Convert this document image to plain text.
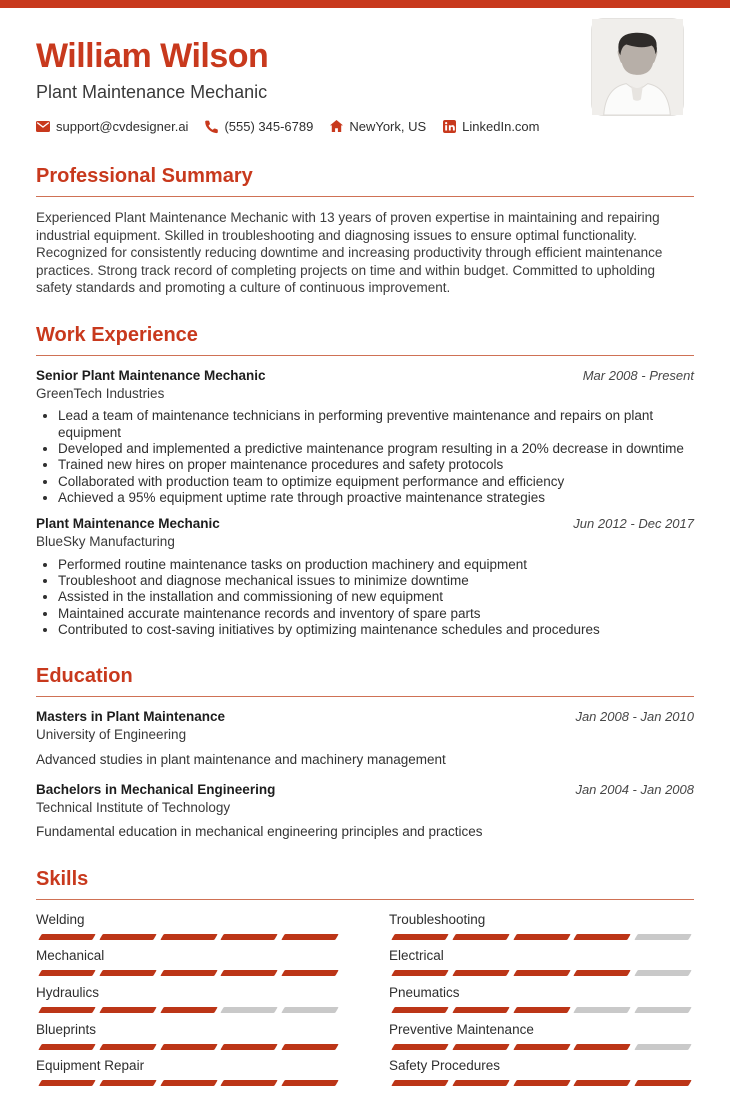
William Wilson
Plant Maintenance Mechanic
support@cvdesigner.ai	(555) 345-6789	NewYork, US	LinkedIn.com
Professional Summary

Experienced Plant Maintenance Mechanic with 13 years of proven expertise in maintaining and repairing industrial equipment. Skilled in troubleshooting and diagnosing issues to ensure optimal functionality. Recognized for consistently reducing downtime and increasing productivity through efficient maintenance practices. Strong track record of completing projects on time and within budget. Committed to upholding safety standards and promoting a culture of continuous improvement.

Work Experience
Senior Plant Maintenance Mechanic	Mar 2008 - Present
GreenTech Industries
• Lead a team of maintenance technicians in performing preventive maintenance and repairs on plant equipment
• Developed and implemented a predictive maintenance program resulting in a 20% decrease in downtime
• Trained new hires on proper maintenance procedures and safety protocols
• Collaborated with production team to optimize equipment performance and efficiency
• Achieved a 95% equipment uptime rate through proactive maintenance strategies
Plant Maintenance Mechanic	Jun 2012 - Dec 2017
BlueSky Manufacturing
• Performed routine maintenance tasks on production machinery and equipment
• Troubleshoot and diagnose mechanical issues to minimize downtime
• Assisted in the installation and commissioning of new equipment
• Maintained accurate maintenance records and inventory of spare parts
• Contributed to cost-saving initiatives by optimizing maintenance schedules and procedures
Education
Masters in Plant Maintenance	Jan 2008 - Jan 2010
University of Engineering
Advanced studies in plant maintenance and machinery management
Bachelors in Mechanical Engineering	Jan 2004 - Jan 2008
Technical Institute of Technology
Fundamental education in mechanical engineering principles and practices
Skills
Welding
Mechanical
Hydraulics
Blueprints
Equipment Repair
Troubleshooting
Electrical
Pneumatics
Preventive Maintenance
Safety Procedures
